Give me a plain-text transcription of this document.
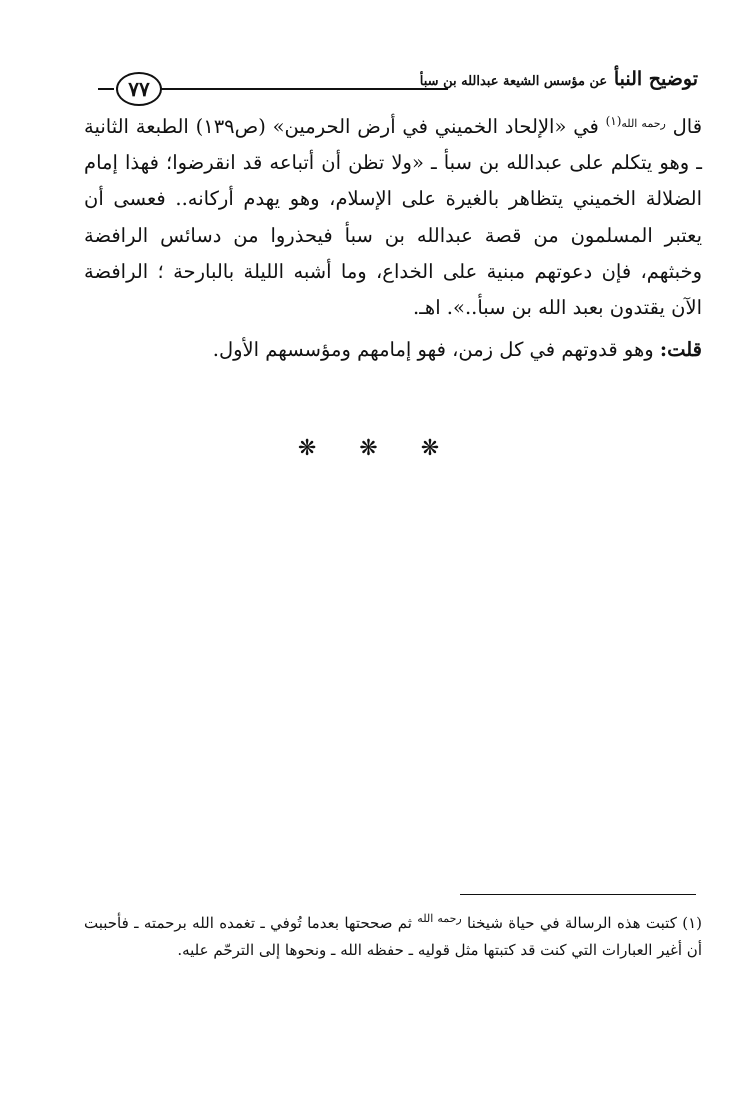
توضيح النبأ عن مؤسس الشيعة عبدالله بن سبأ
٧٧

قال $^{رحمه الله(١)}$ في «الإلحاد الخميني في أرض الحرمين» (ص١٣٩) الطبعة الثانية ـ وهو يتكلم على عبدالله بن سبأ ـ «ولا تظن أن أتباعه قد انقرضوا؛ فهذا إمام الضلالة الخميني يتظاهر بالغيرة على الإسلام، وهو يهدم أركانه.. فعسى أن يعتبر المسلمون من قصة عبدالله بن سبأ فيحذروا من دسائس الرافضة وخبثهم، فإن دعوتهم مبنية على الخداع، وما أشبه الليلة بالبارحة ؛ الرافضة الآن يقتدون بعبد الله بن سبأ..». اهـ.

قلت: وهو قدوتهم في كل زمن، فهو إمامهم ومؤسسهم الأول.

❋ ❋ ❋

(١) كتبت هذه الرسالة في حياة شيخنا $^{رحمه الله}$ ثم صححتها بعدما تُوفي ـ تغمده الله برحمته ـ فأحببت أن أغير العبارات التي كنت قد كتبتها مثل قوليه ـ حفظه الله ـ ونحوها إلى الترحّم عليه.
